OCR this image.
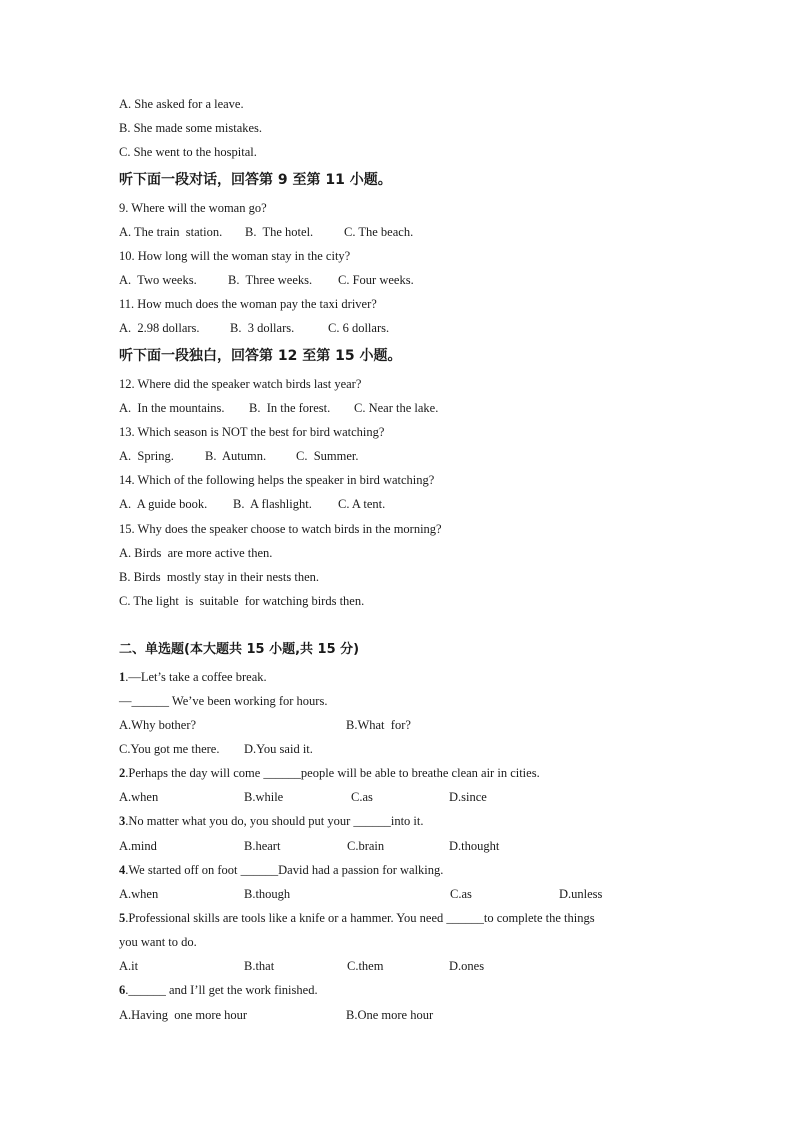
A. She asked for a leave.
B. She made some mistakes.
C. She went to the hospital.
听下面一段对话，回答第 9 至第 11 小题。
9. Where will the woman go?
A. The train  station. B.  The hotel. C. The beach.
10. How long will the woman stay in the city?
A.  Two weeks.	B.  Three weeks. C. Four weeks.
11. How much does the woman pay the taxi driver?
A.  2.98 dollars. B.  3 dollars.	C. 6 dollars.
听下面一段独白，回答第 12 至第 15 小题。
12. Where did the speaker watch birds last year?
A.  In the mountains. B.  In the forest. C. Near the lake.
13. Which season is NOT the best for bird watching?
A.  Spring. B.  Autumn. C.  Summer.
14. Which of the following helps the speaker in bird watching?
A.  A guide book. B.  A flashlight. C. A tent.
15. Why does the speaker choose to watch birds in the morning?
A. Birds  are more active then.
B. Birds  mostly stay in their nests then.
C. The light  is  suitable  for watching birds then.
二、单选题(本大题共 15 小题,共 15 分)
1.—Let’s take a coffee break.
—______ We’ve been working for hours.
A.Why bother?	B.What  for?
C.You got me there. D.You said it.
2.Perhaps the day will come ______people will be able to breathe clean air in cities.
A.when	B.while	C.as	D.since
3.No matter what you do, you should put your ______into it.
A.mind	B.heart	C.brain	D.thought
4.We started off on foot ______David had a passion for walking.
A.when	B.though	C.as	D.unless
5.Professional skills are tools like a knife or a hammer. You need ______to complete the things
you want to do.
A.it	B.that	C.them	D.ones
6.______ and I’ll get the work finished.
A.Having  one more hour	B.One more hour
